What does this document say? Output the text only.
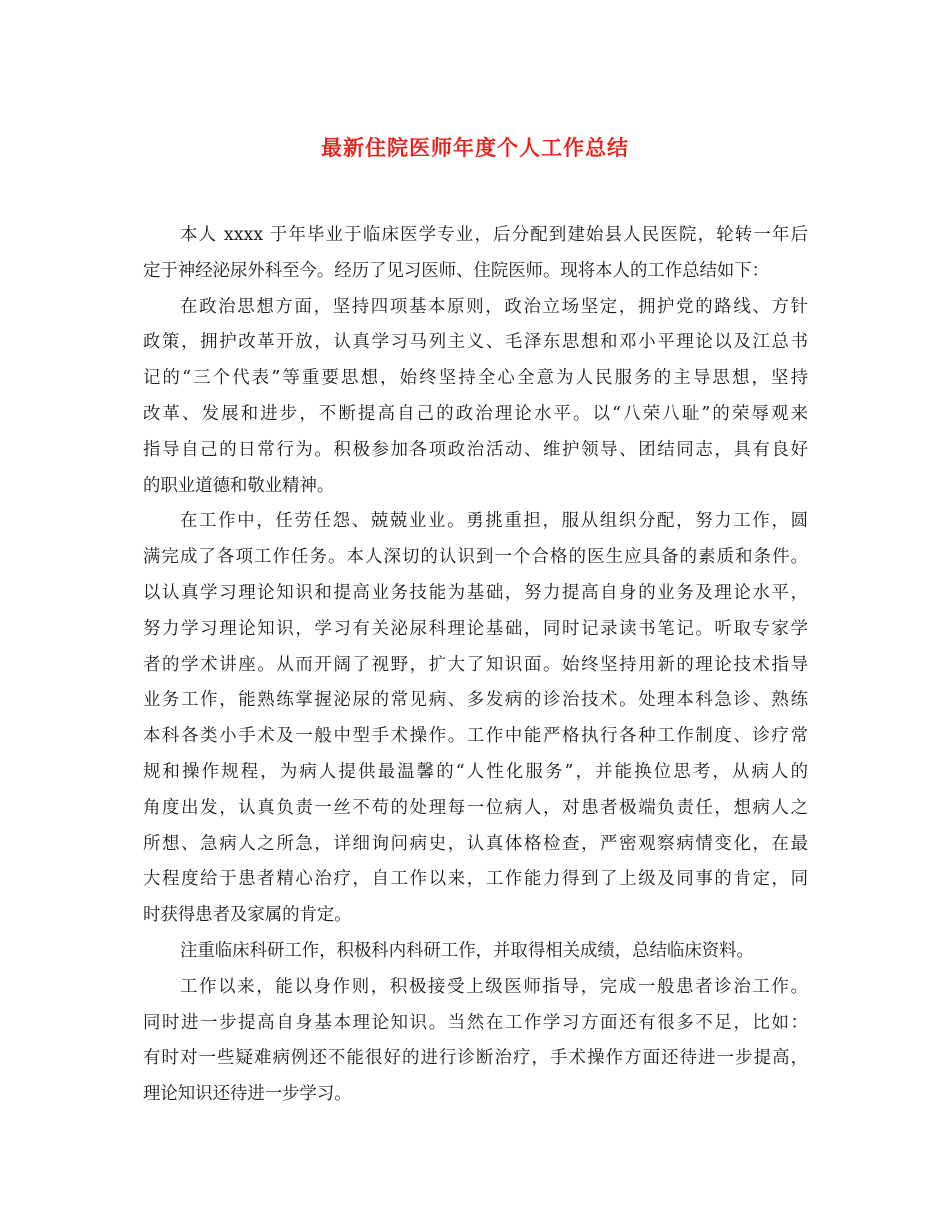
最新住院医师年度个人工作总结
本人 xxxx 于年毕业于临床医学专业，后分配到建始县人民医院，轮转一年后
定于神经泌尿外科至今。经历了见习医师、住院医师。现将本人的工作总结如下：
在政治思想方面，坚持四项基本原则，政治立场坚定，拥护党的路线、方针
政策，拥护改革开放，认真学习马列主义、毛泽东思想和邓小平理论以及江总书
记的“三个代表”等重要思想，始终坚持全心全意为人民服务的主导思想，坚持
改革、发展和进步，不断提高自己的政治理论水平。以“八荣八耻”的荣辱观来
指导自己的日常行为。积极参加各项政治活动、维护领导、团结同志，具有良好
的职业道德和敬业精神。
在工作中，任劳任怨、兢兢业业。勇挑重担，服从组织分配，努力工作，圆
满完成了各项工作任务。本人深切的认识到一个合格的医生应具备的素质和条件。
以认真学习理论知识和提高业务技能为基础，努力提高自身的业务及理论水平，
努力学习理论知识，学习有关泌尿科理论基础，同时记录读书笔记。听取专家学
者的学术讲座。从而开阔了视野，扩大了知识面。始终坚持用新的理论技术指导
业务工作，能熟练掌握泌尿的常见病、多发病的诊治技术。处理本科急诊、熟练
本科各类小手术及一般中型手术操作。工作中能严格执行各种工作制度、诊疗常
规和操作规程，为病人提供最温馨的“人性化服务”，并能换位思考，从病人的
角度出发，认真负责一丝不苟的处理每一位病人，对患者极端负责任，想病人之
所想、急病人之所急，详细询问病史，认真体格检查，严密观察病情变化，在最
大程度给于患者精心治疗，自工作以来，工作能力得到了上级及同事的肯定，同
时获得患者及家属的肯定。
注重临床科研工作，积极科内科研工作，并取得相关成绩，总结临床资料。
工作以来，能以身作则，积极接受上级医师指导，完成一般患者诊治工作。
同时进一步提高自身基本理论知识。当然在工作学习方面还有很多不足，比如：
有时对一些疑难病例还不能很好的进行诊断治疗，手术操作方面还待进一步提高，
理论知识还待进一步学习。
